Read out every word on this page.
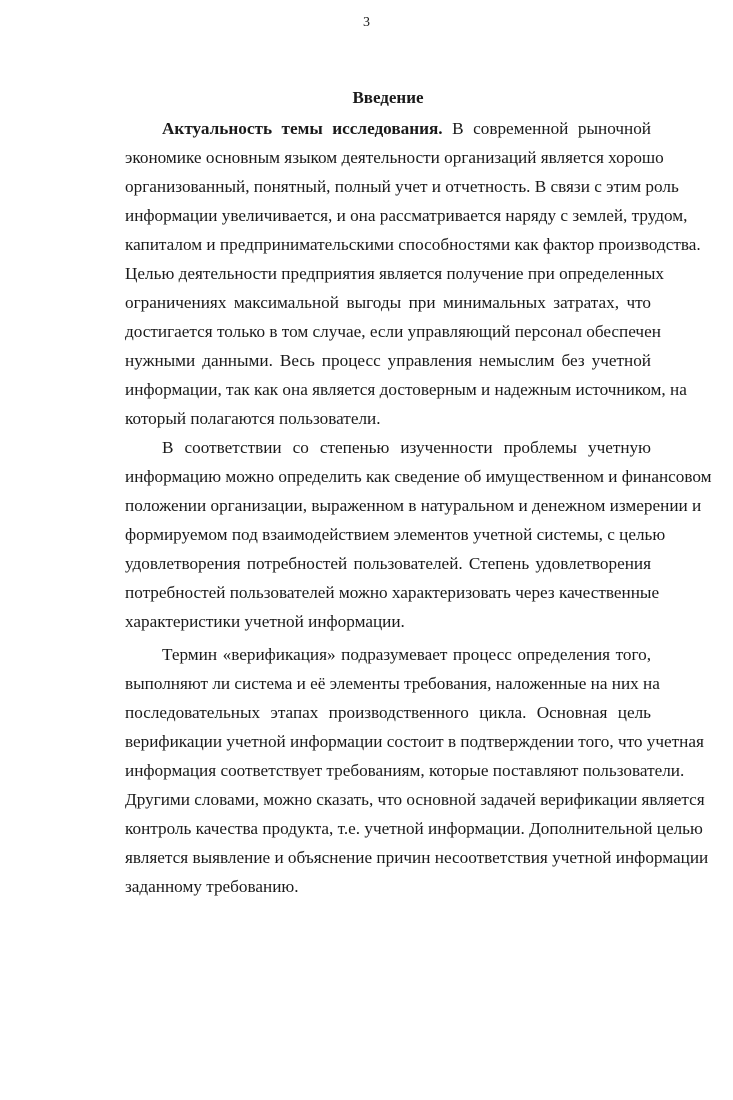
3
Введение
Актуальность темы исследования. В современной рыночной
экономике основным языком деятельности организаций является хорошо
организованный, понятный, полный учет и отчетность. В связи с этим роль
информации увеличивается, и она рассматривается наряду с землей, трудом,
капиталом и предпринимательскими способностями как фактор производства.
Целью деятельности предприятия является получение при определенных
ограничениях максимальной выгоды при минимальных затратах, что
достигается только в том случае, если управляющий персонал обеспечен
нужными данными. Весь процесс управления немыслим без учетной
информации, так как она является достоверным и надежным источником, на
который полагаются пользователи.
В соответствии со степенью изученности проблемы учетную
информацию можно определить как сведение об имущественном и финансовом
положении организации, выраженном в натуральном и денежном измерении и
формируемом под взаимодействием элементов учетной системы, с целью
удовлетворения потребностей пользователей. Степень удовлетворения
потребностей пользователей можно характеризовать через качественные
характеристики учетной информации.
Термин «верификация» подразумевает процесс определения того,
выполняют ли система и её элементы требования, наложенные на них на
последовательных этапах производственного цикла. Основная цель
верификации учетной информации состоит в подтверждении того, что учетная
информация соответствует требованиям, которые поставляют пользователи.
Другими словами, можно сказать, что основной задачей верификации является
контроль качества продукта, т.е. учетной информации. Дополнительной целью
является выявление и объяснение причин несоответствия учетной информации
заданному требованию.
